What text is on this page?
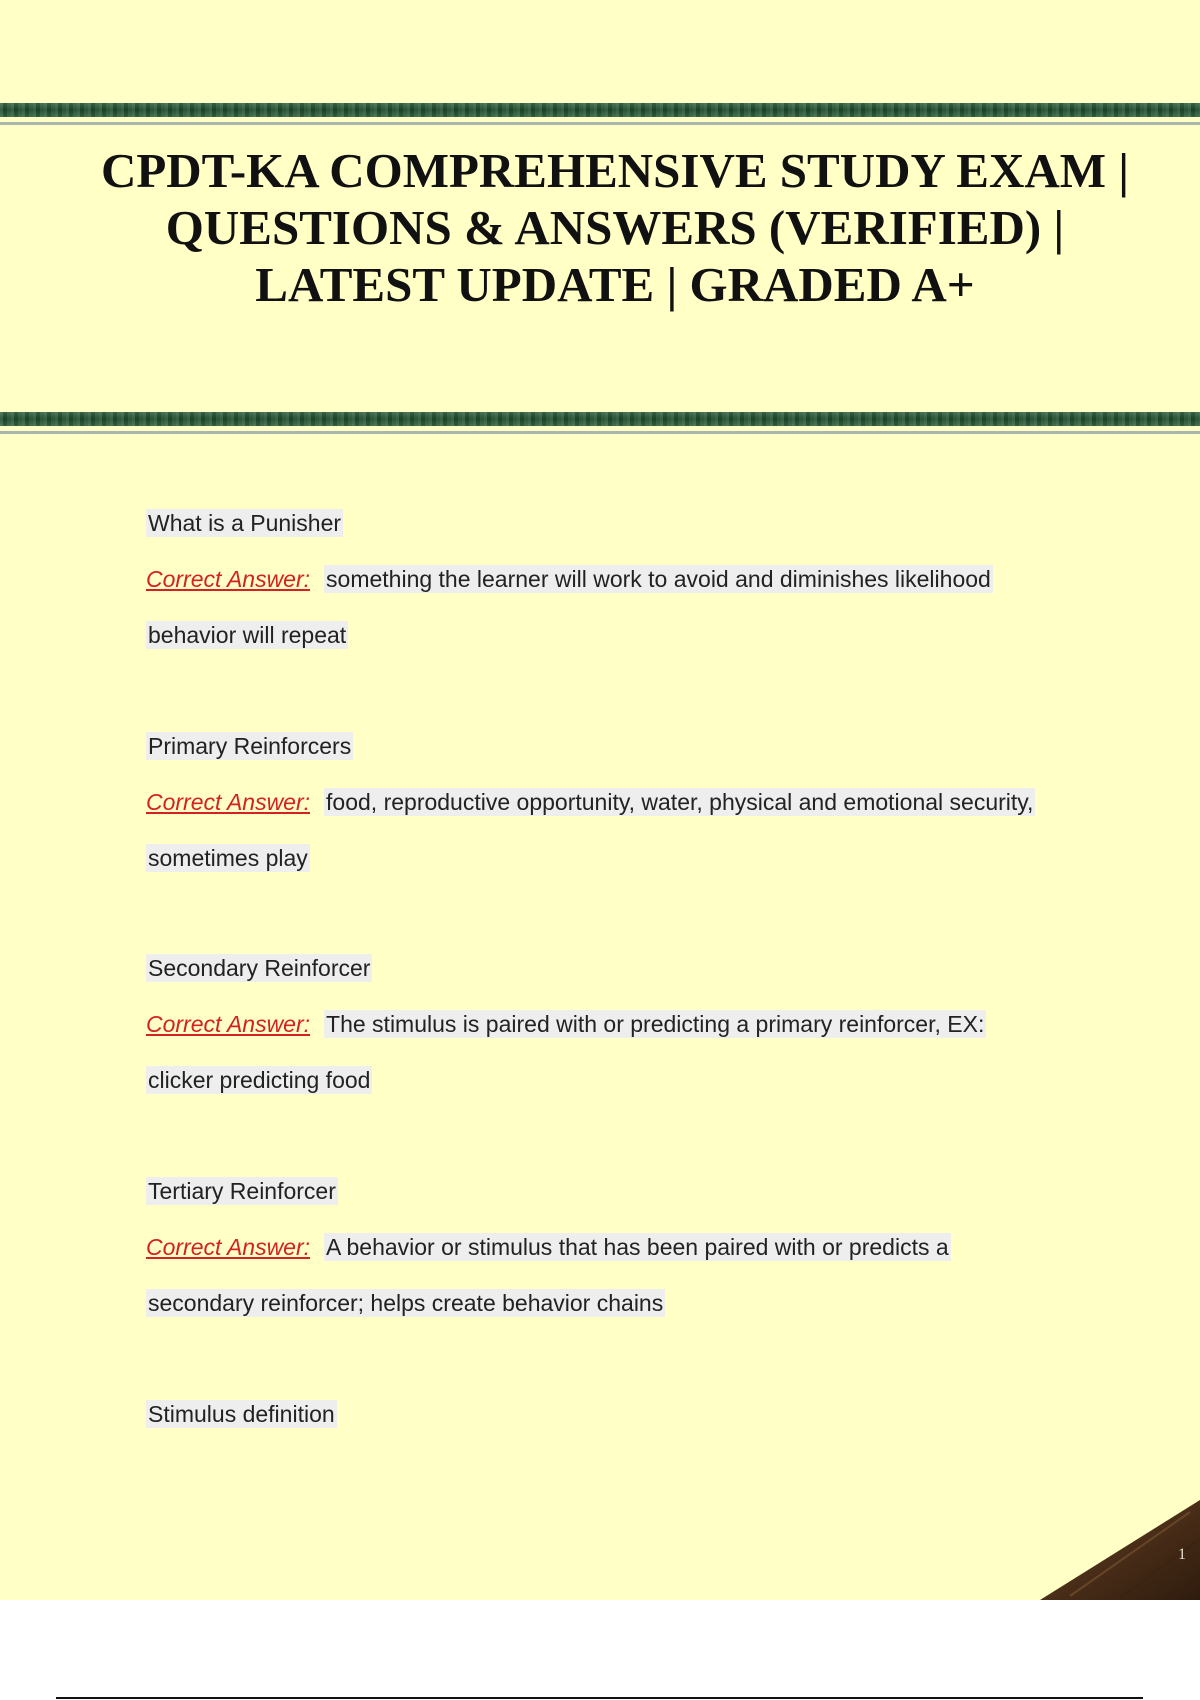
CPDT-KA COMPREHENSIVE STUDY EXAM | QUESTIONS & ANSWERS (VERIFIED) | LATEST UPDATE | GRADED A+
What is a Punisher
Correct Answer: something the learner will work to avoid and diminishes likelihood
behavior will repeat
Primary Reinforcers
Correct Answer: food, reproductive opportunity, water, physical and emotional security,
sometimes play
Secondary Reinforcer
Correct Answer: The stimulus is paired with or predicting a primary reinforcer, EX:
clicker predicting food
Tertiary Reinforcer
Correct Answer: A behavior or stimulus that has been paired with or predicts a
secondary reinforcer; helps create behavior chains
Stimulus definition
1
